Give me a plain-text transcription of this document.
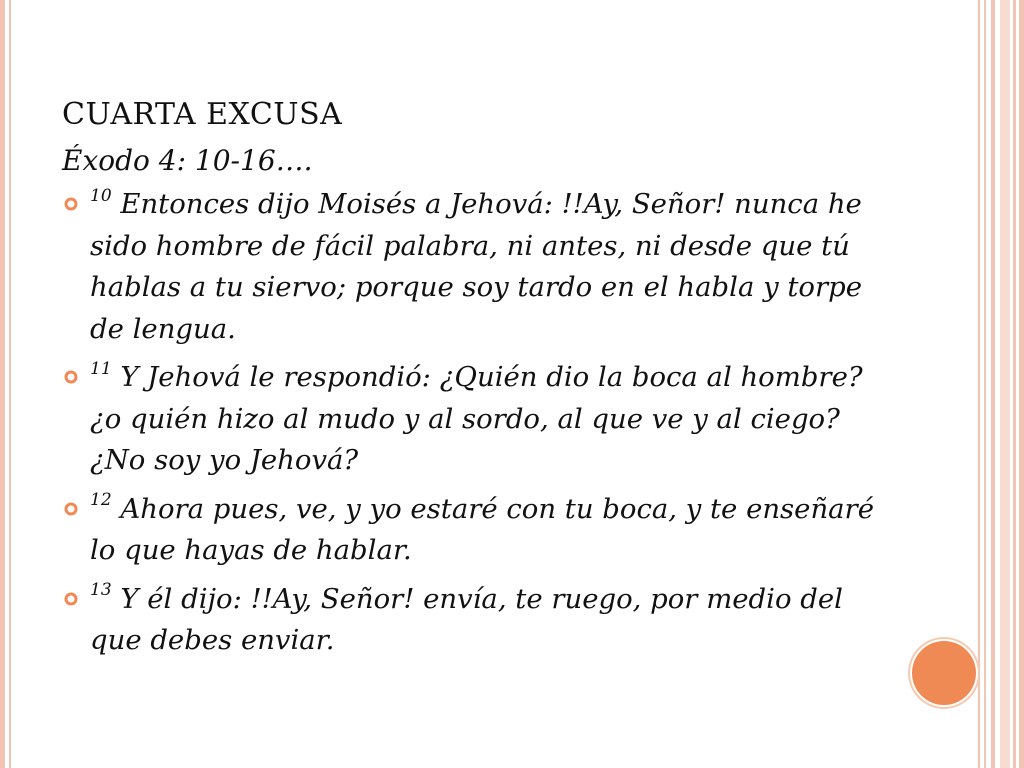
CUARTA EXCUSA
Éxodo 4: 10-16….
$^{10}$ Entonces dijo Moisés a Jehová: !!Ay, Señor! nunca he sido hombre de fácil palabra, ni antes, ni desde que tú hablas a tu siervo; porque soy tardo en el habla y torpe de lengua.
$^{11}$ Y Jehová le respondió: ¿Quién dio la boca al hombre? ¿o quién hizo al mudo y al sordo, al que ve y al ciego? ¿No soy yo Jehová?
$^{12}$ Ahora pues, ve, y yo estaré con tu boca, y te enseñaré lo que hayas de hablar.
$^{13}$ Y él dijo: !!Ay, Señor! envía, te ruego, por medio del que debes enviar.
